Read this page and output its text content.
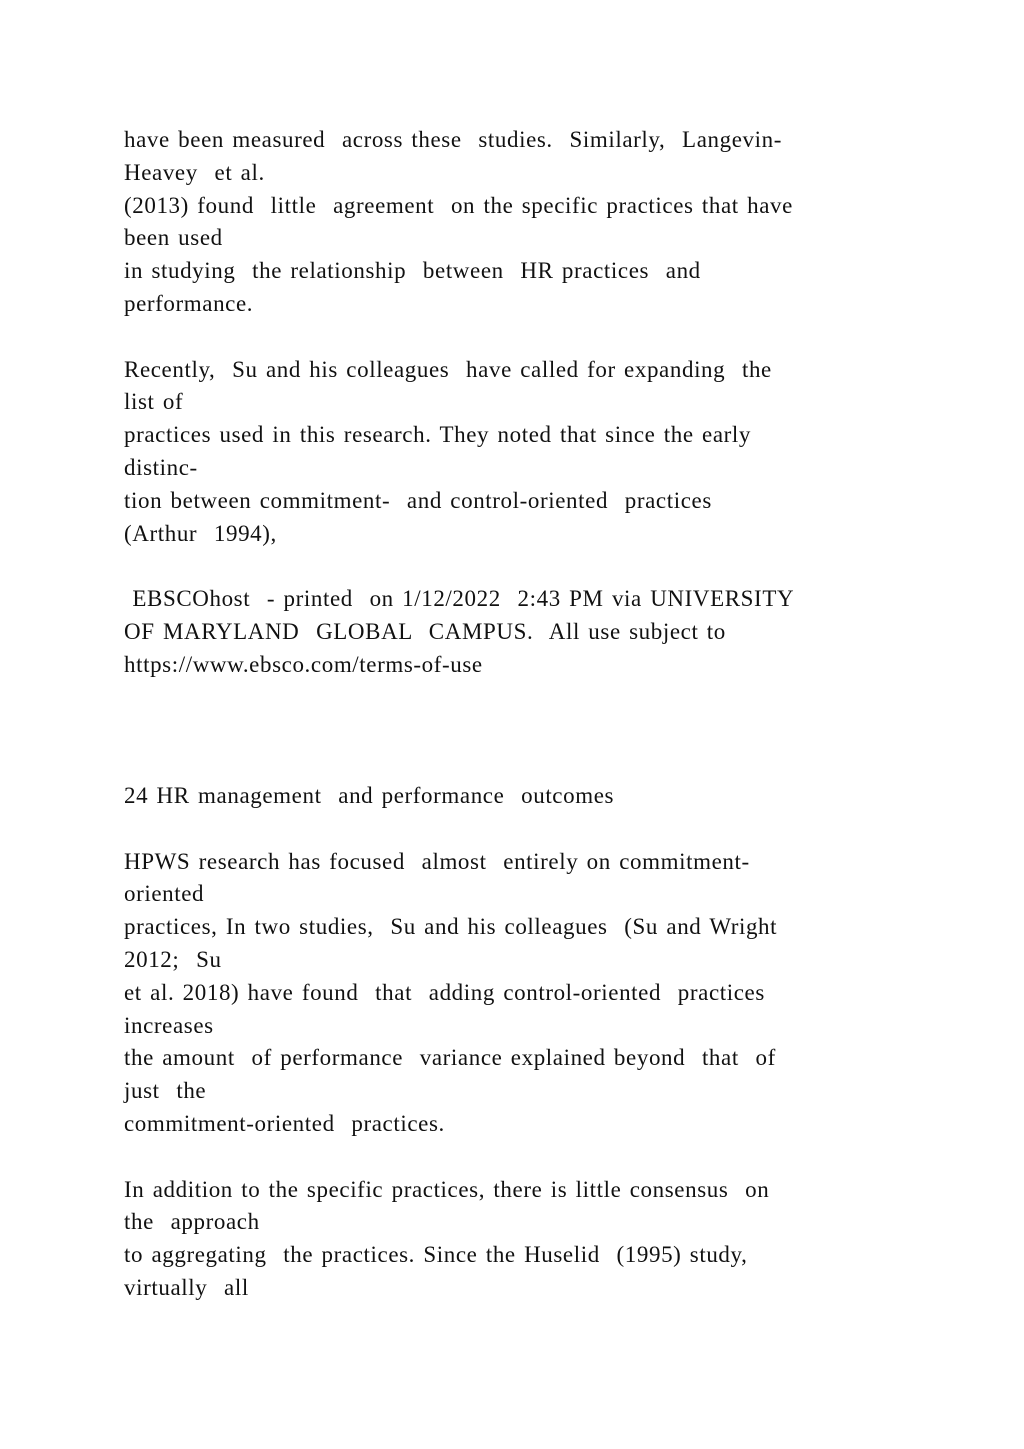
have been measured  across these  studies.  Similarly,  Langevin-
Heavey  et al.
(2013) found  little  agreement  on the specific practices that have
been used
in studying  the relationship  between  HR practices  and
performance.
Recently,  Su and his colleagues  have called for expanding  the
list of
practices used in this research. They noted that since the early
distinc-
tion between commitment-  and control-oriented  practices
(Arthur  1994),
EBSCOhost  - printed  on 1/12/2022  2:43 PM via UNIVERSITY
OF MARYLAND  GLOBAL  CAMPUS.  All use subject to
https://www.ebsco.com/terms-of-use
24 HR management  and performance  outcomes
HPWS research has focused  almost  entirely on commitment-
oriented
practices, In two studies,  Su and his colleagues  (Su and Wright
2012;  Su
et al. 2018) have found  that  adding control-oriented  practices
increases
the amount  of performance  variance explained beyond  that  of
just  the
commitment-oriented  practices.
In addition to the specific practices, there is little consensus  on
the  approach
to aggregating  the practices. Since the Huselid  (1995) study,
virtually  all
